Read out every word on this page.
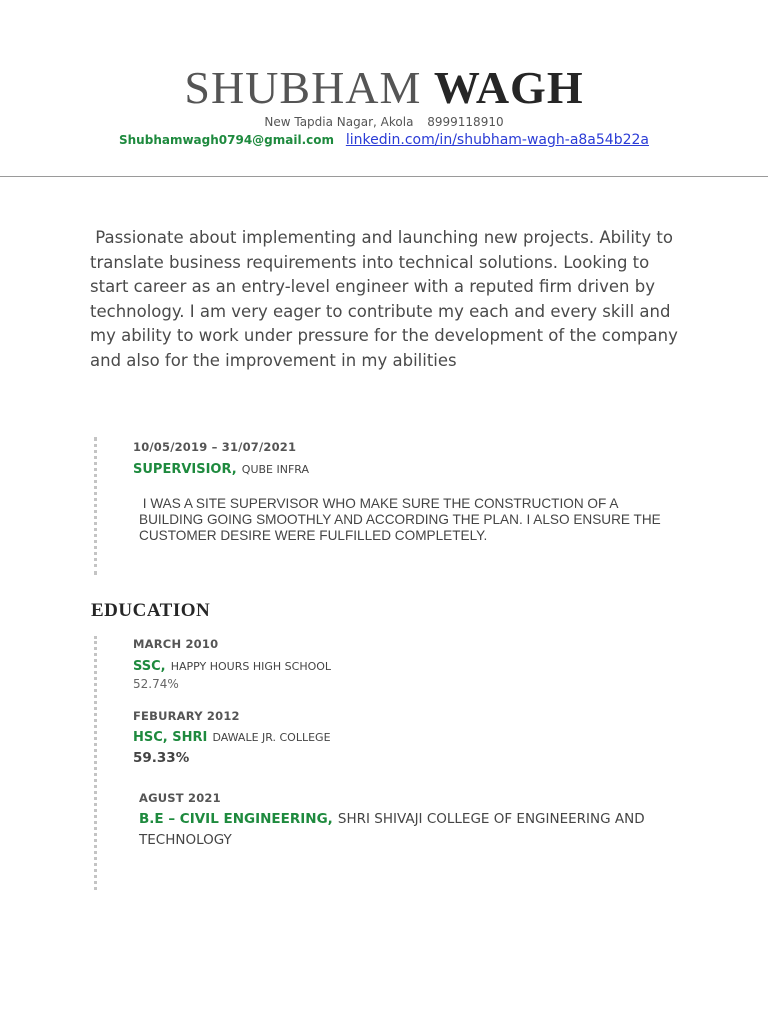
SHUBHAM WAGH
New Tapdia Nagar, Akola 8999118910
Shubhamwagh0794@gmail.com linkedin.com/in/shubham-wagh-a8a54b22a
Passionate about implementing and launching new projects. Ability to translate business requirements into technical solutions. Looking to start career as an entry-level engineer with a reputed firm driven by technology. I am very eager to contribute my each and every skill and my ability to work under pressure for the development of the company and also for the improvement in my abilities
10/05/2019 – 31/07/2021
SUPERVISIOR, QUBE INFRA
I WAS A SITE SUPERVISOR WHO MAKE SURE THE CONSTRUCTION OF A BUILDING GOING SMOOTHLY AND ACCORDING THE PLAN. I ALSO ENSURE THE CUSTOMER DESIRE WERE FULFILLED COMPLETELY.
EDUCATION
MARCH 2010
SSC, HAPPY HOURS HIGH SCHOOL
52.74%
FEBURARY 2012
HSC, SHRI DAWALE JR. COLLEGE
59.33%
AGUST 2021
B.E – CIVIL ENGINEERING, SHRI SHIVAJI COLLEGE OF ENGINEERING AND TECHNOLOGY
